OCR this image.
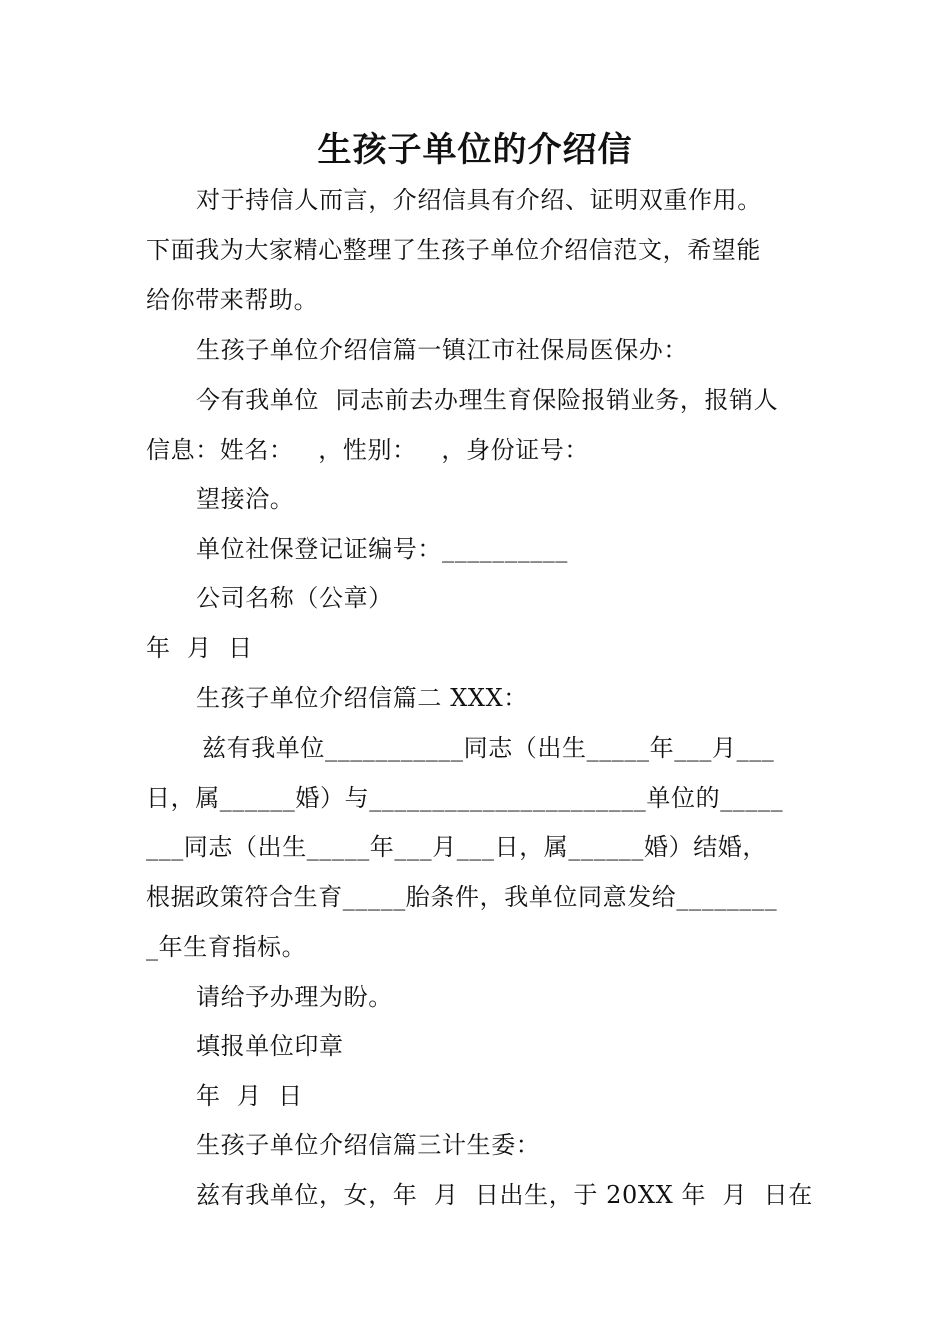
生孩子单位的介绍信
对于持信人而言，介绍信具有介绍、证明双重作用。
下面我为大家精心整理了生孩子单位介绍信范文，希望能
给你带来帮助。
生孩子单位介绍信篇一镇江市社保局医保办：
今有我单位  同志前去办理生育保险报销业务，报销人
信息：姓名：   ，性别：   ，身份证号：
望接洽。
单位社保登记证编号：__________
公司名称（公章）
年  月  日
生孩子单位介绍信篇二 XXX：
兹有我单位___________同志（出生_____年___月___
日，属______婚）与______________________单位的_____
___同志（出生_____年___月___日，属______婚）结婚，
根据政策符合生育_____胎条件，我单位同意发给________
_年生育指标。
请给予办理为盼。
填报单位印章
年  月  日
生孩子单位介绍信篇三计生委：
兹有我单位，女，年  月  日出生，于 20XX 年  月  日在
